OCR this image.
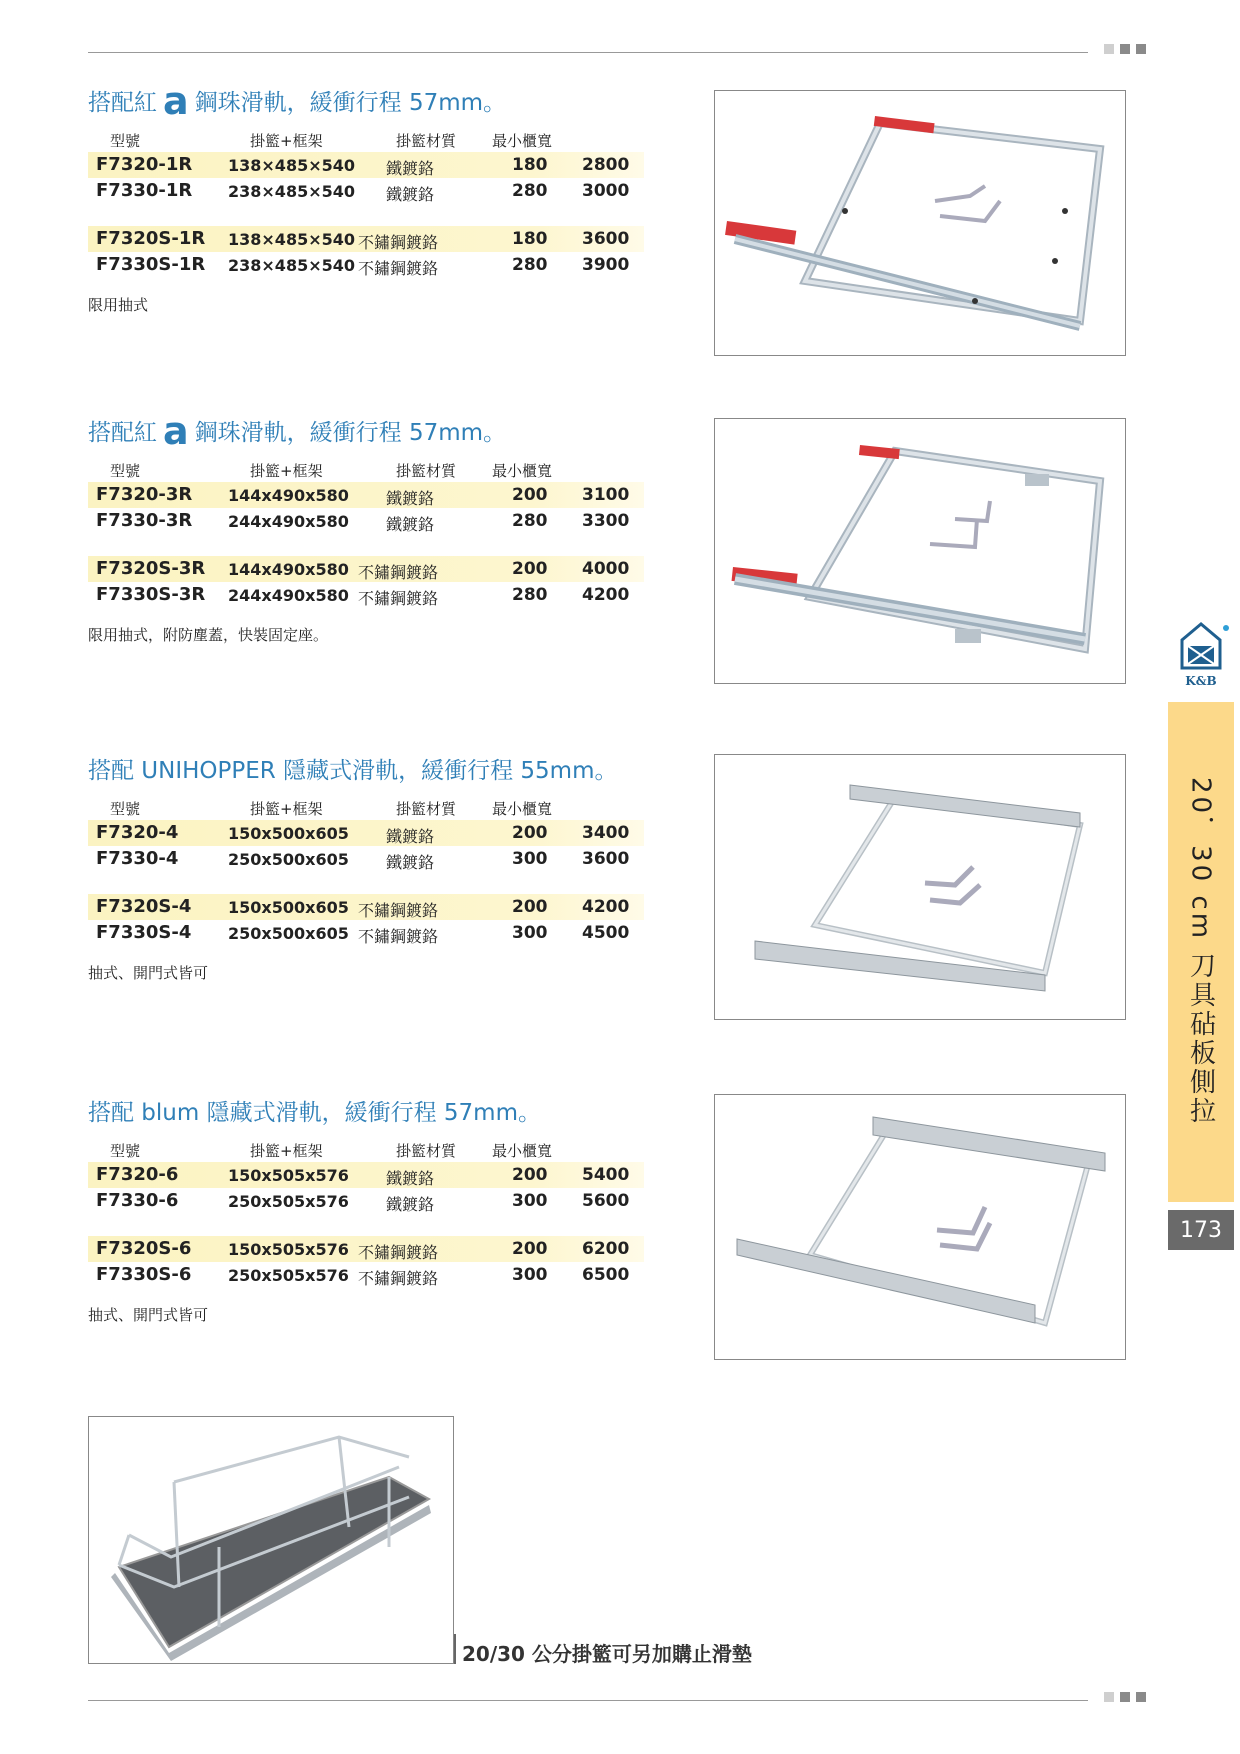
搭配紅 a 鋼珠滑軌，緩衝行程 57mm。
型號	掛籃+框架	掛籃材質 最小櫃寬
F7320-1R 138×485×540 鐵鍍鉻	180 2800
F7330-1R 238×485×540 鐵鍍鉻	280 3000
F7320S-1R 138×485×540 不鏽鋼鍍鉻	180 3600
F7330S-1R 238×485×540 不鏽鋼鍍鉻	280 3900
限用抽式
搭配紅 a 鋼珠滑軌，緩衝行程 57mm。
型號	掛籃+框架	掛籃材質 最小櫃寬
F7320-3R 144x490x580 鐵鍍鉻	200 3100
F7330-3R 244x490x580 鐵鍍鉻	280 3300
F7320S-3R 144x490x580 不鏽鋼鍍鉻	200 4000
F7330S-3R 244x490x580 不鏽鋼鍍鉻	280 4200
限用抽式，附防塵蓋，快裝固定座。
搭配 UNIHOPPER 隱藏式滑軌，緩衝行程 55mm。
型號	掛籃+框架	掛籃材質 最小櫃寬
F7320-4	150x500x605 鐵鍍鉻	200 3400
F7330-4	250x500x605 鐵鍍鉻	300 3600
F7320S-4 150x500x605 不鏽鋼鍍鉻	200 4200
F7330S-4 250x500x605 不鏽鋼鍍鉻	300 4500
抽式、開門式皆可
搭配 blum 隱藏式滑軌，緩衝行程 57mm。
型號	掛籃+框架	掛籃材質 最小櫃寬
F7320-6	150x505x576 鐵鍍鉻	200 5400
F7330-6	250x505x576 鐵鍍鉻	300 5600
F7320S-6 150x505x576 不鏽鋼鍍鉻	200 6200
F7330S-6 250x505x576 不鏽鋼鍍鉻	300 6500
抽式、開門式皆可
20/30 公分掛籃可另加購止滑墊
K&B
20．30 cm 刀具砧板側拉
173
